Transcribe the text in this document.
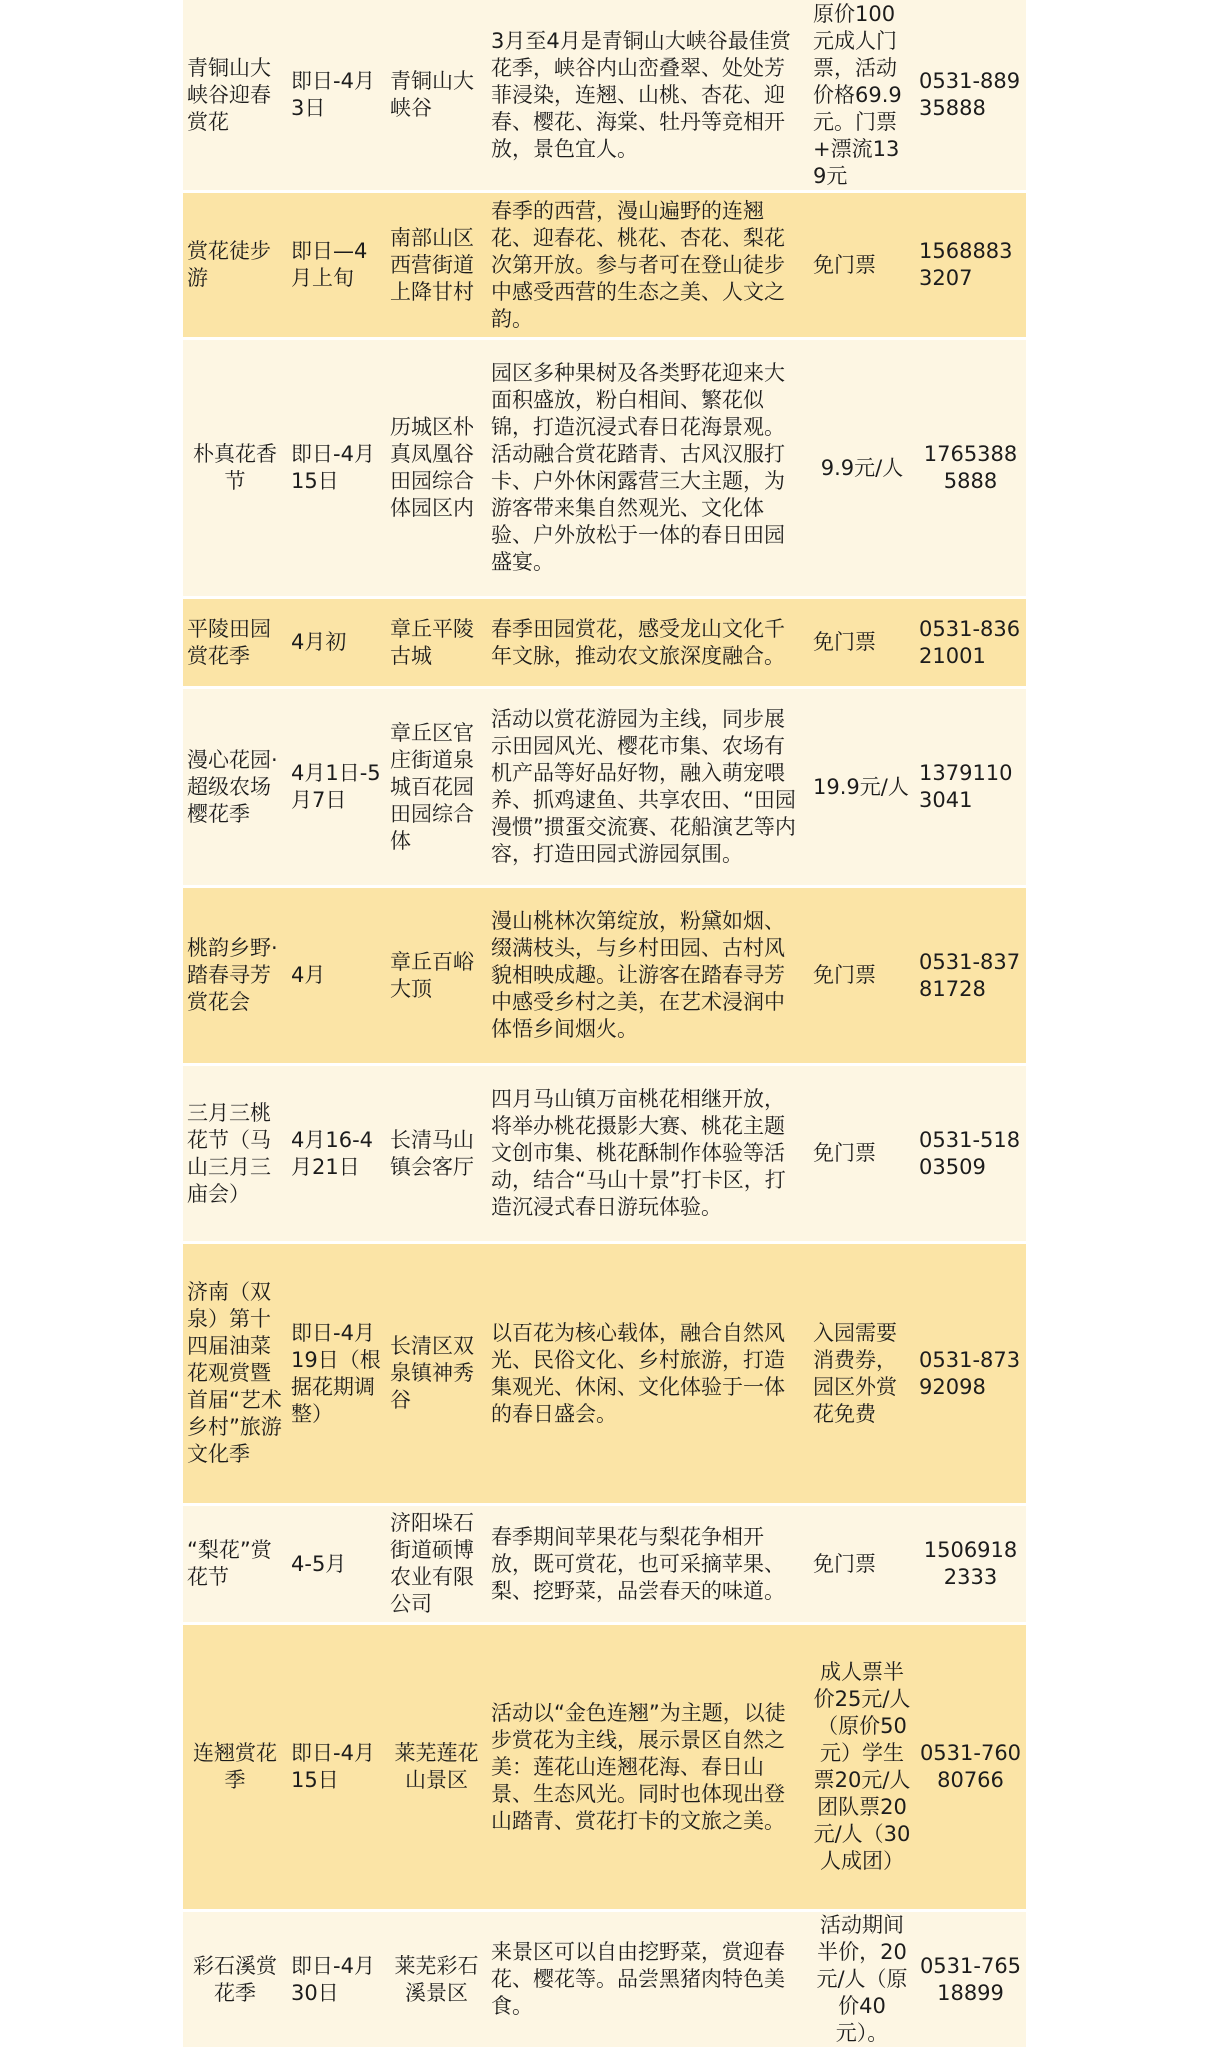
青铜山大峡谷迎春赏花
即日-4月3日
青铜山大峡谷
3月至4月是青铜山大峡谷最佳赏花季，峡谷内山峦叠翠、处处芳菲浸染，连翘、山桃、杏花、迎春、樱花、海棠、牡丹等竞相开放，景色宜人。
原价100元成人门票，活动价格69.9元。门票+漂流139元
0531-88935888
赏花徒步游
即日—4月上旬
南部山区西营街道上降甘村
春季的西营，漫山遍野的连翘花、迎春花、桃花、杏花、梨花次第开放。参与者可在登山徒步中感受西营的生态之美、人文之韵。
免门票
15688833207
朴真花香节
即日-4月15日
历城区朴真凤凰谷田园综合体园区内
园区多种果树及各类野花迎来大面积盛放，粉白相间、繁花似锦，打造沉浸式春日花海景观。活动融合赏花踏青、古风汉服打卡、户外休闲露营三大主题，为游客带来集自然观光、文化体验、户外放松于一体的春日田园盛宴。
9.9元/人
17653885888
平陵田园赏花季
4月初
章丘平陵古城
春季田园赏花，感受龙山文化千年文脉，推动农文旅深度融合。
免门票
0531-83621001
漫心花园·超级农场樱花季
4月1日-5月7日
章丘区官庄街道泉城百花园田园综合体
活动以赏花游园为主线，同步展示田园风光、樱花市集、农场有机产品等好品好物，融入萌宠喂养、抓鸡逮鱼、共享农田、“田园漫惯”掼蛋交流赛、花船演艺等内容，打造田园式游园氛围。
19.9元/人
13791103041
桃韵乡野·踏春寻芳赏花会
4月
章丘百峪大顶
漫山桃林次第绽放，粉黛如烟、缀满枝头，与乡村田园、古村风貌相映成趣。让游客在踏春寻芳中感受乡村之美，在艺术浸润中体悟乡间烟火。
免门票
0531-83781728
三月三桃花节（马山三月三庙会）
4月16-4月21日
长清马山镇会客厅
四月马山镇万亩桃花相继开放，将举办桃花摄影大赛、桃花主题文创市集、桃花酥制作体验等活动，结合“马山十景”打卡区，打造沉浸式春日游玩体验。
免门票
0531-51803509
济南（双泉）第十四届油菜花观赏暨首届“艺术乡村”旅游文化季
即日-4月19日（根据花期调整）
长清区双泉镇神秀谷
以百花为核心载体，融合自然风光、民俗文化、乡村旅游，打造集观光、休闲、文化体验于一体的春日盛会。
入园需要消费券，园区外赏花免费
0531-87392098
“梨花”赏花节
4-5月
济阳垛石街道硕博农业有限公司
春季期间苹果花与梨花争相开放，既可赏花，也可采摘苹果、梨、挖野菜，品尝春天的味道。
免门票
15069182333
连翘赏花季
即日-4月15日
莱芜莲花山景区
活动以“金色连翘”为主题，以徒步赏花为主线，展示景区自然之美：莲花山连翘花海、春日山景、生态风光。同时也体现出登山踏青、赏花打卡的文旅之美。
成人票半价25元/人（原价50元）学生票20元/人团队票20元/人（30人成团）
0531-76080766
彩石溪赏花季
即日-4月30日
莱芜彩石溪景区
来景区可以自由挖野菜，赏迎春花、樱花等。品尝黑猪肉特色美食。
活动期间半价，20元/人（原价40元）。
0531-76518899
